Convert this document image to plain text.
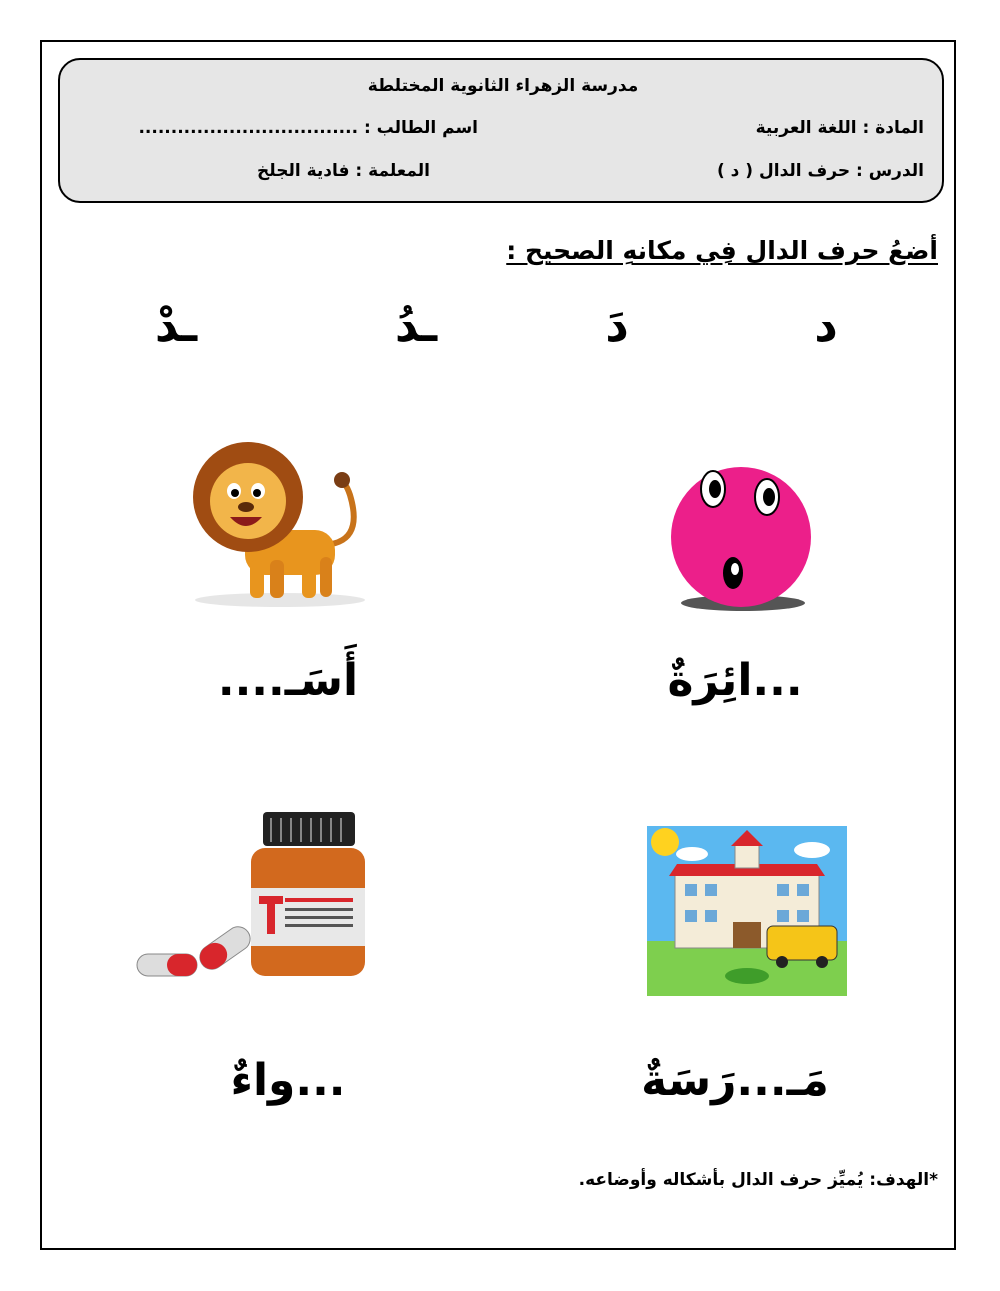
مدرسة الزهراء الثانوية المختلطة
المادة : اللغة العربية
اسم الطالب : ..................................
الدرس : حرف الدال ( د )
المعلمة : فادية الجلخ
أضعُ حرف الدال فِي مكانهِ الصحيح :
د
دَ
ـدُ
ـدْ
...ائِرَةٌ
أَسَـ....
مَـ...رَسَةٌ
...واءٌ
*الهدف: يُميِّز حرف الدال بأشكاله وأوضاعه.
